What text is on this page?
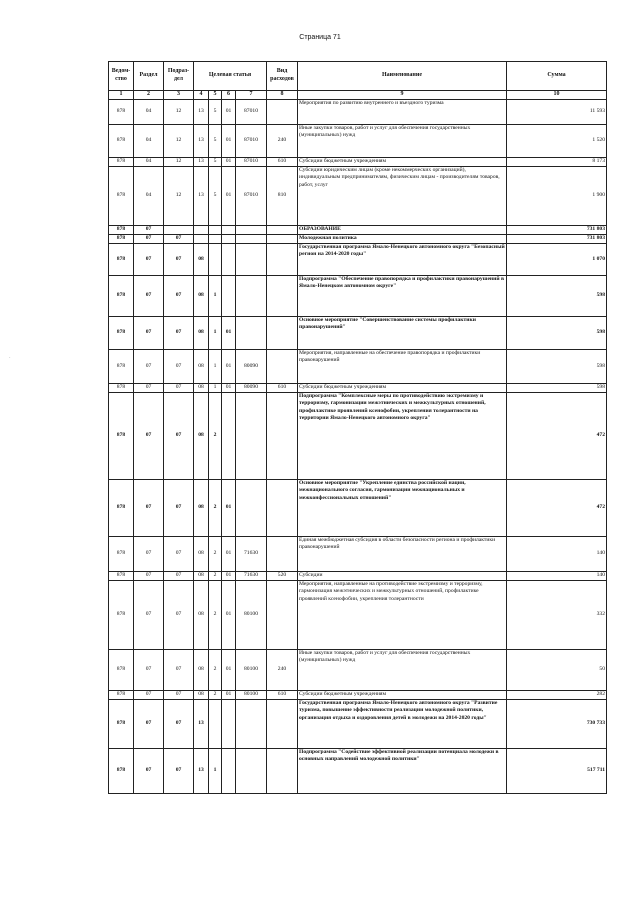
Страница 71
·
Ведом-ство	Раздел	Подраз-дел	Целевая статья				Вид расходов	Наименование	Сумма
1	2	3	4	5	6	7	8	9	10
878	04	12	13	5	01	87010		Мероприятия по развитию внутреннего и въездного туризма	11 593
878	04	12	13	5	01	87010	240	Иные закупки товаров, работ и услуг для обеспечения государственных (муниципальных) нужд	1 520
878	04	12	13	5	01	87010	610	Субсидии бюджетным учреждениям	8 173
878	04	12	13	5	01	87010	810	Субсидии юридическим лицам (кроме некоммерческих организаций), индивидуальным предпринимателям, физическим лицам - производителям товаров, работ, услуг	1 900
878	07							ОБРАЗОВАНИЕ	731 803
878	07	07						Молодежная политика	731 803
878	07	07	08					Государственная программа Ямало-Ненецкого автономного округа "Безопасный регион на 2014-2020 годы"	1 070
878	07	07	08	1				Подпрограмма "Обеспечение правопорядка и профилактики правонарушений в Ямало-Ненецком автономном округе"	598
878	07	07	08	1	01			Основное мероприятие "Совершенствование системы профилактики правонарушений"	598
878	07	07	08	1	01	80090		Мероприятия, направленные на обеспечение правопорядка и профилактики правонарушений	598
878	07	07	08	1	01	80090	610	Субсидии бюджетным учреждениям	598
878	07	07	08	2				Подпрограмма "Комплексные меры по противодействию экстремизму и терроризму, гармонизации межэтнических и межкультурных отношений, профилактике проявлений ксенофобии, укрепления толерантности на территории Ямало-Ненецкого автономного округа"	472
878	07	07	08	2	01			Основное мероприятие "Укрепление единства российской нации, межнационального согласия, гармонизации межнациональных и межконфессиональных отношений"	472
878	07	07	08	2	01	71630		Единая межбюджетная субсидия в области безопасности региона и профилактики правонарушений	140
878	07	07	08	2	01	71630	520	Субсидии	140
878	07	07	08	2	01	80100		Мероприятия, направленные на противодействие экстремизму и терроризму, гармонизация межэтнических и межкультурных отношений, профилактике проявлений ксенофобии, укрепления толерантности	332
878	07	07	08	2	01	80100	240	Иные закупки товаров, работ и услуг для обеспечения государственных (муниципальных) нужд	50
878	07	07	08	2	01	80100	610	Субсидии бюджетным учреждениям	282
878	07	07	13					Государственная программа Ямало-Ненецкого автономного округа "Развитие туризма, повышение эффективности реализации молодежной политики, организация отдыха и оздоровления детей в молодежи на 2014-2020 годы"	730 733
878	07	07	13	1				Подпрограмма "Содействие эффективной реализации потенциала молодежи в основных направлений молодежной политики"	517 711
